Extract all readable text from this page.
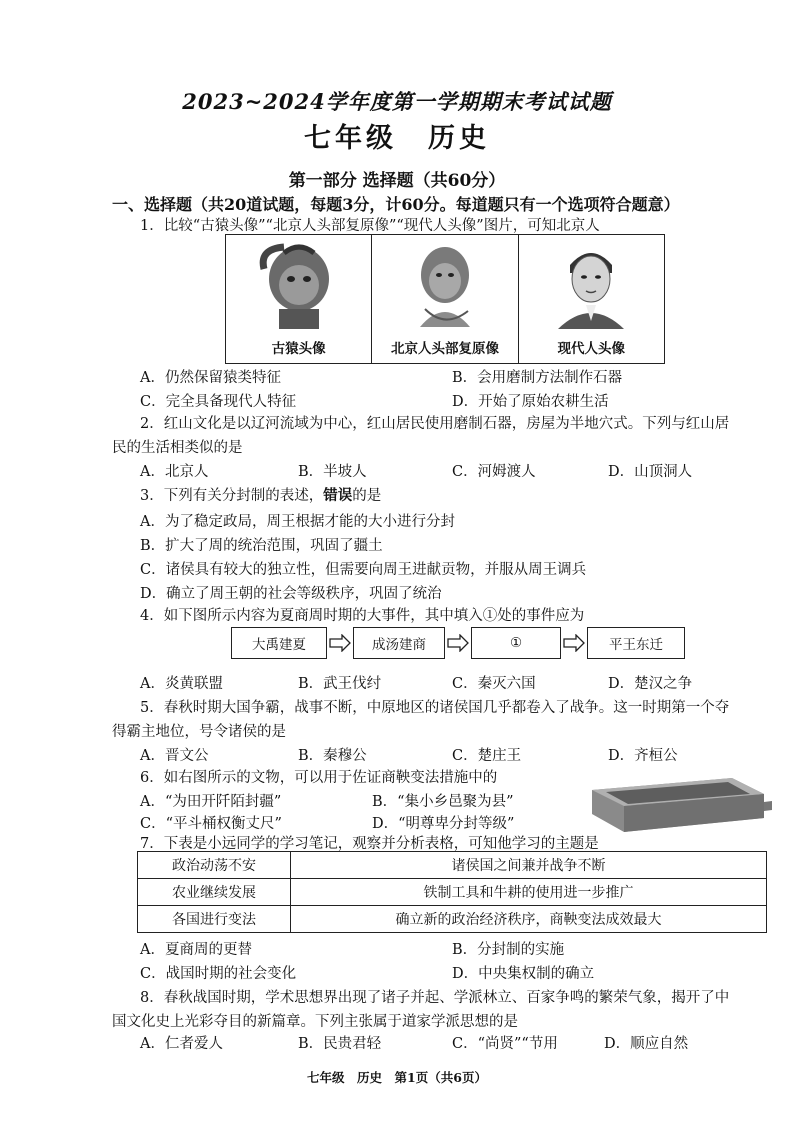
2023~2024学年度第一学期期末考试试题
七年级　历史
第一部分 选择题（共60分）
一、选择题（共20道试题，每题3分，计60分。每道题只有一个选项符合题意）
1．比较“古猿头像”“北京人头部复原像”“现代人头像”图片，可知北京人
古猿头像	北京人头部复原像	现代人头像
A．仍然保留猿类特征	B．会用磨制方法制作石器
C．完全具备现代人特征	D．开始了原始农耕生活
2．红山文化是以辽河流域为中心，红山居民使用磨制石器，房屋为半地穴式。下列与红山居
民的生活相类似的是
A．北京人	B．半坡人	C．河姆渡人	D．山顶洞人
3．下列有关分封制的表述，错误的是
A．为了稳定政局，周王根据才能的大小进行分封
B．扩大了周的统治范围，巩固了疆土
C．诸侯具有较大的独立性，但需要向周王进献贡物，并服从周王调兵
D．确立了周王朝的社会等级秩序，巩固了统治
4．如下图所示内容为夏商周时期的大事件，其中填入①处的事件应为
大禹建夏	成汤建商	①	平王东迁
A．炎黄联盟	B．武王伐纣	C．秦灭六国	D．楚汉之争
5．春秋时期大国争霸，战事不断，中原地区的诸侯国几乎都卷入了战争。这一时期第一个夺
得霸主地位，号令诸侯的是
A．晋文公	B．秦穆公	C．楚庄王	D．齐桓公
6．如右图所示的文物，可以用于佐证商鞅变法措施中的
A．“为田开阡陌封疆”	B．“集小乡邑聚为县”
C．“平斗桶权衡丈尺”	D．“明尊卑分封等级”
7．下表是小远同学的学习笔记，观察并分析表格，可知他学习的主题是
政治动荡不安	诸侯国之间兼并战争不断
农业继续发展	铁制工具和牛耕的使用进一步推广
各国进行变法	确立新的政治经济秩序，商鞅变法成效最大
A．夏商周的更替	B．分封制的实施
C．战国时期的社会变化	D．中央集权制的确立
8．春秋战国时期，学术思想界出现了诸子并起、学派林立、百家争鸣的繁荣气象，揭开了中
国文化史上光彩夺目的新篇章。下列主张属于道家学派思想的是
A．仁者爱人	B．民贵君轻	C．“尚贤”“节用	D．顺应自然
七年级　历史　第1页（共6页）
